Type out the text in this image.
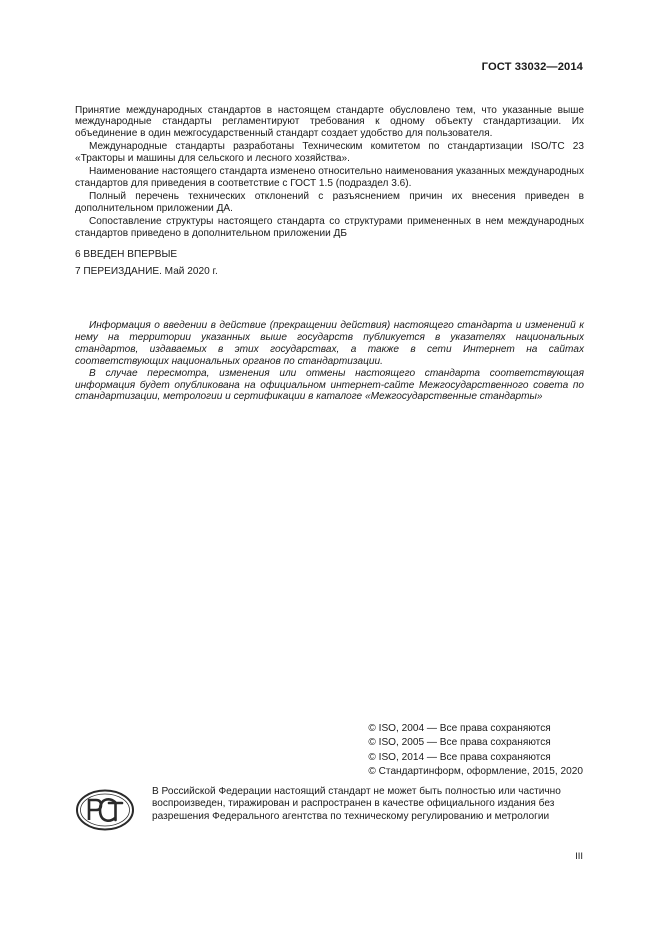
ГОСТ 33032—2014

Принятие международных стандартов в настоящем стандарте обусловлено тем, что указанные выше международные стандарты регламентируют требования к одному объекту стандартизации. Их объединение в один межгосударственный стандарт создает удобство для пользователя.

Международные стандарты разработаны Техническим комитетом по стандартизации ISO/TC 23 «Тракторы и машины для сельского и лесного хозяйства».

Наименование настоящего стандарта изменено относительно наименования указанных международных стандартов для приведения в соответствие с ГОСТ 1.5 (подраздел 3.6).

Полный перечень технических отклонений с разъяснением причин их внесения приведен в дополнительном приложении ДА.

Сопоставление структуры настоящего стандарта со структурами примененных в нем международных стандартов приведено в дополнительном приложении ДБ

6 ВВЕДЕН ВПЕРВЫЕ
7 ПЕРЕИЗДАНИЕ. Май 2020 г.

Информация о введении в действие (прекращении действия) настоящего стандарта и изменений к нему на территории указанных выше государств публикуется в указателях национальных стандартов, издаваемых в этих государствах, а также в сети Интернет на сайтах соответствующих национальных органов по стандартизации.

В случае пересмотра, изменения или отмены настоящего стандарта соответствующая информация будет опубликована на официальном интернет-сайте Межгосударственного совета по стандартизации, метрологии и сертификации в каталоге «Межгосударственные стандарты»

© ISO, 2004 — Все права сохраняются
© ISO, 2005 — Все права сохраняются
© ISO, 2014 — Все права сохраняются
© Стандартинформ, оформление, 2015, 2020
В Российской Федерации настоящий стандарт не может быть полностью или частично воспроизведен, тиражирован и распространен в качестве официального издания без разрешения Федерального агентства по техническому регулированию и метрологии
III
